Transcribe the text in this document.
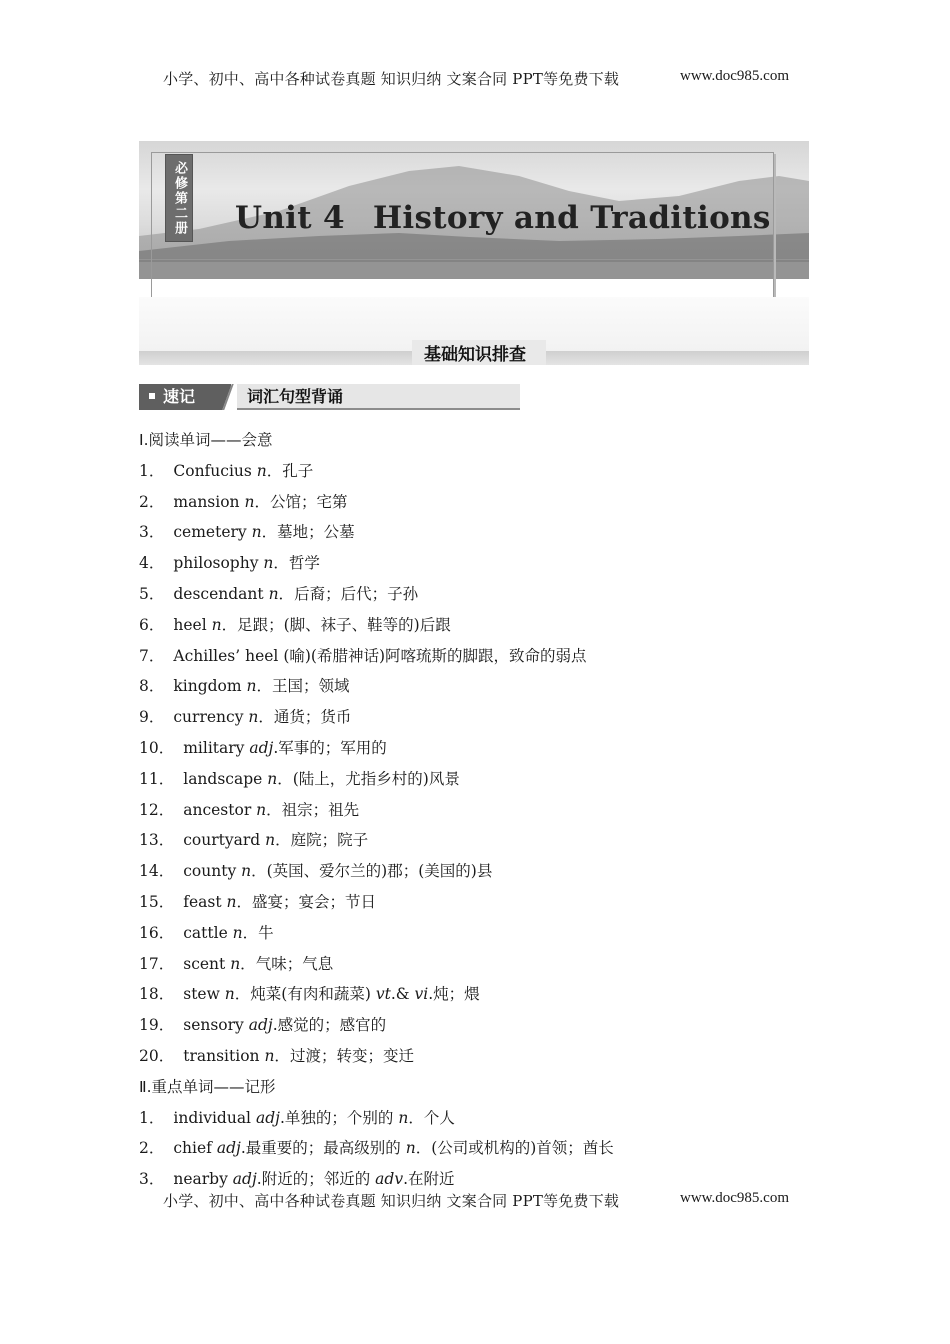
小学、初中、高中各种试卷真题 知识归纳 文案合同 PPT等免费下载	www.doc985.com
必修第二册 Unit 4 History and Traditions
基础知识排查
速记	词汇句型背诵
Ⅰ.阅读单词——会意
1． Confucius n．孔子
2． mansion n．公馆；宅第
3． cemetery n．墓地；公墓
4． philosophy n．哲学
5． descendant n．后裔；后代；子孙
6． heel n．足跟；(脚、袜子、鞋等的)后跟
7． Achilles’ heel (喻)(希腊神话)阿喀琉斯的脚跟，致命的弱点
8． kingdom n．王国；领域
9． currency n．通货；货币
10． military adj.军事的；军用的
11． landscape n．(陆上，尤指乡村的)风景
12． ancestor n．祖宗；祖先
13． courtyard n．庭院；院子
14． county n．(英国、爱尔兰的)郡；(美国的)县
15． feast n．盛宴；宴会；节日
16． cattle n．牛
17． scent n．气味；气息
18． stew n．炖菜(有肉和蔬菜) vt.& vi.炖；煨
19． sensory adj.感觉的；感官的
20． transition n．过渡；转变；变迁
Ⅱ.重点单词——记形
1． individual adj.单独的；个别的 n．个人
2． chief adj.最重要的；最高级别的 n．(公司或机构的)首领；酋长
3． nearby adj.附近的；邻近的 adv.在附近
小学、初中、高中各种试卷真题 知识归纳 文案合同 PPT等免费下载	www.doc985.com
